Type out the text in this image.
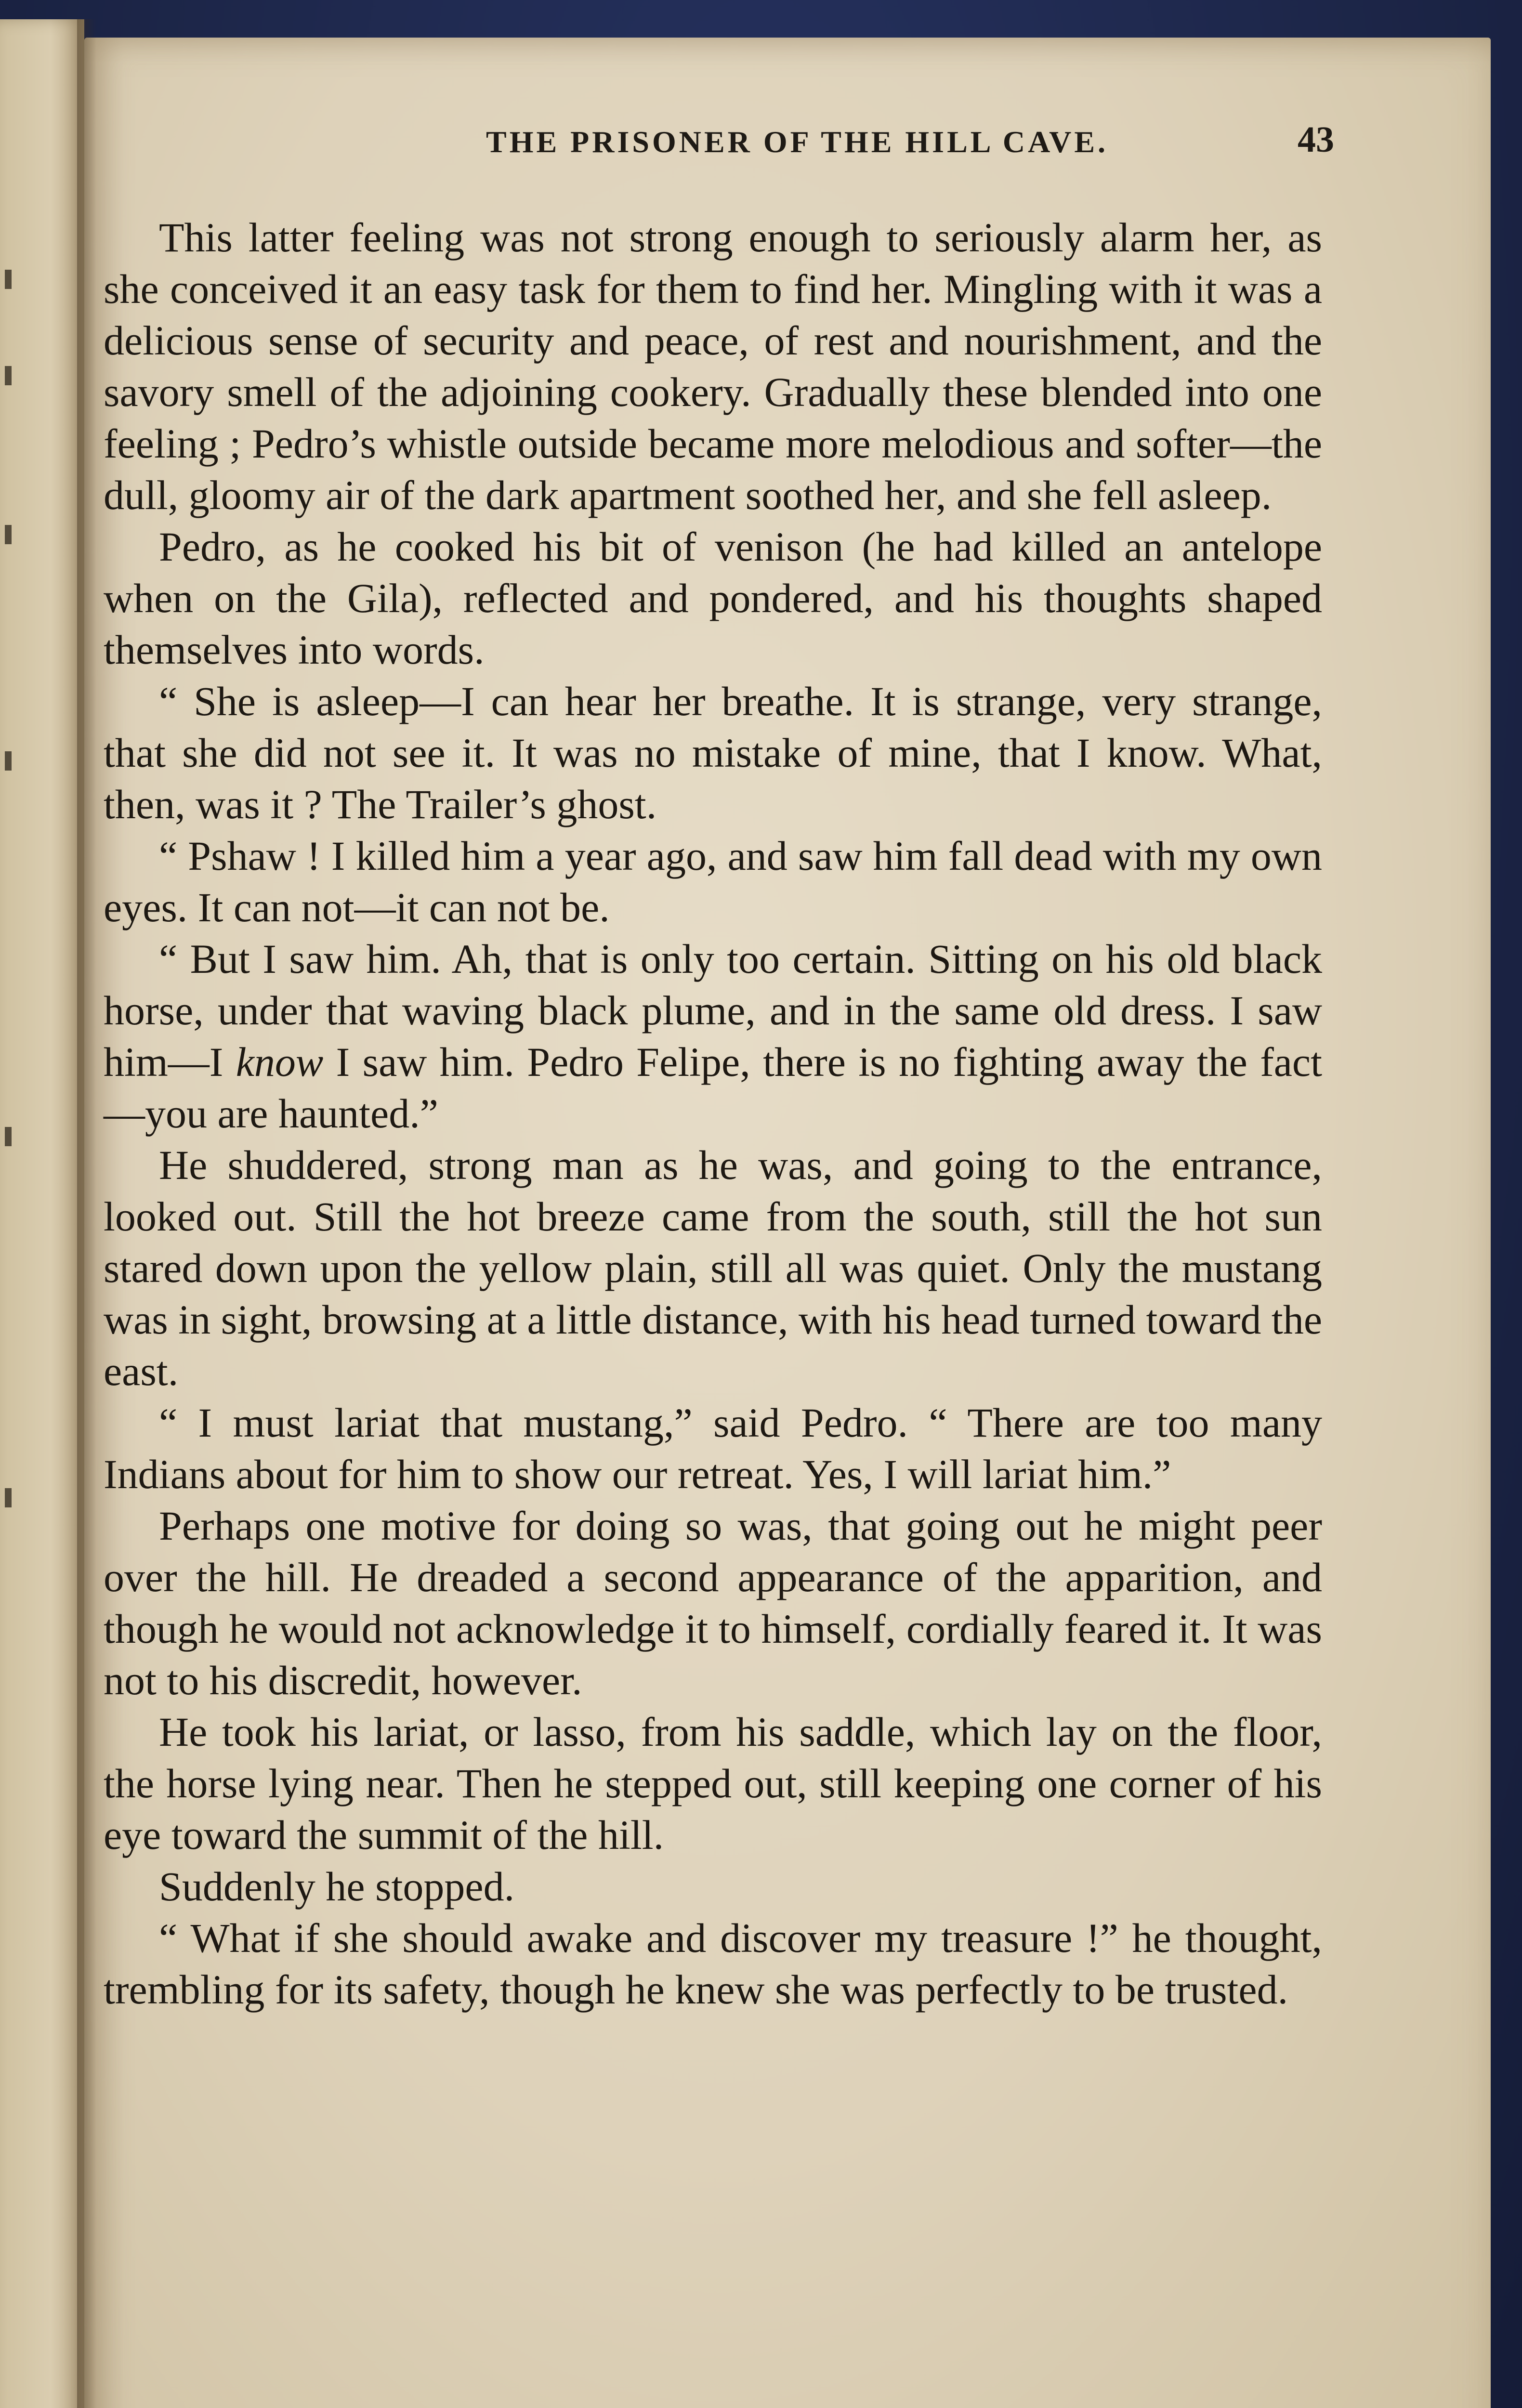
THE PRISONER OF THE HILL CAVE.	43

This latter feeling was not strong enough to seriously alarm her, as she conceived it an easy task for them to find her. Mingling with it was a delicious sense of security and peace, of rest and nourishment, and the savory smell of the adjoining cookery. Gradually these blended into one feeling ; Pedro’s whistle outside became more melodious and softer—the dull, gloomy air of the dark apartment soothed her, and she fell asleep.

Pedro, as he cooked his bit of venison (he had killed an antelope when on the Gila), reflected and pondered, and his thoughts shaped themselves into words.

“ She is asleep—I can hear her breathe. It is strange, very strange, that she did not see it. It was no mistake of mine, that I know. What, then, was it ? The Trailer’s ghost.

“ Pshaw ! I killed him a year ago, and saw him fall dead with my own eyes. It can not—it can not be.

“ But I saw him. Ah, that is only too certain. Sitting on his old black horse, under that waving black plume, and in the same old dress. I saw him—I know I saw him. Pedro Felipe, there is no fighting away the fact—you are haunted.”

He shuddered, strong man as he was, and going to the entrance, looked out. Still the hot breeze came from the south, still the hot sun stared down upon the yellow plain, still all was quiet. Only the mustang was in sight, browsing at a little distance, with his head turned toward the east.

“ I must lariat that mustang,” said Pedro. “ There are too many Indians about for him to show our retreat. Yes, I will lariat him.”

Perhaps one motive for doing so was, that going out he might peer over the hill. He dreaded a second appearance of the apparition, and though he would not acknowledge it to himself, cordially feared it. It was not to his discredit, however.

He took his lariat, or lasso, from his saddle, which lay on the floor, the horse lying near. Then he stepped out, still keeping one corner of his eye toward the summit of the hill.

Suddenly he stopped.

“ What if she should awake and discover my treasure !” he thought, trembling for its safety, though he knew she was perfectly to be trusted.
